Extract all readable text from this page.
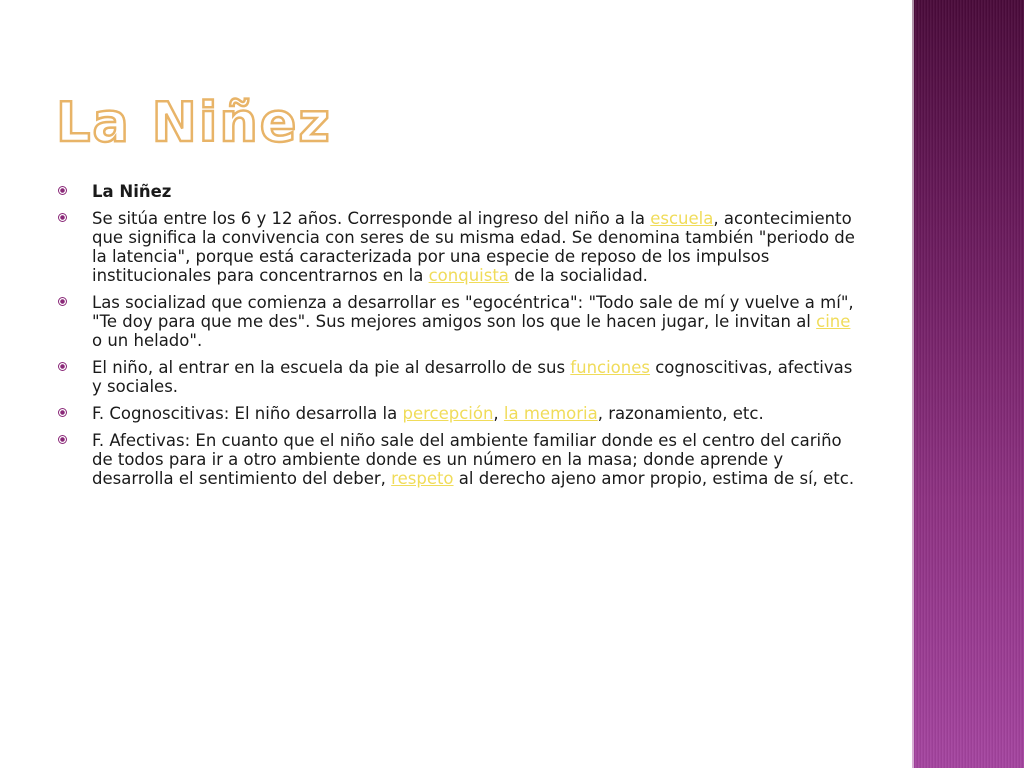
La Niñez
La Niñez
Se sitúa entre los 6 y 12 años. Corresponde al ingreso del niño a la escuela, acontecimiento que significa la convivencia con seres de su misma edad. Se denomina también "periodo de la latencia", porque está caracterizada por una especie de reposo de los impulsos institucionales para concentrarnos en la conquista de la socialidad.
Las socializad que comienza a desarrollar es "egocéntrica": "Todo sale de mí y vuelve a mí", "Te doy para que me des". Sus mejores amigos son los que le hacen jugar, le invitan al cine o un helado".
El niño, al entrar en la escuela da pie al desarrollo de sus funciones cognoscitivas, afectivas y sociales.
F. Cognoscitivas: El niño desarrolla la percepción, la memoria, razonamiento, etc.
F. Afectivas: En cuanto que el niño sale del ambiente familiar donde es el centro del cariño de todos para ir a otro ambiente donde es un número en la masa; donde aprende y desarrolla el sentimiento del deber, respeto al derecho ajeno amor propio, estima de sí, etc.
